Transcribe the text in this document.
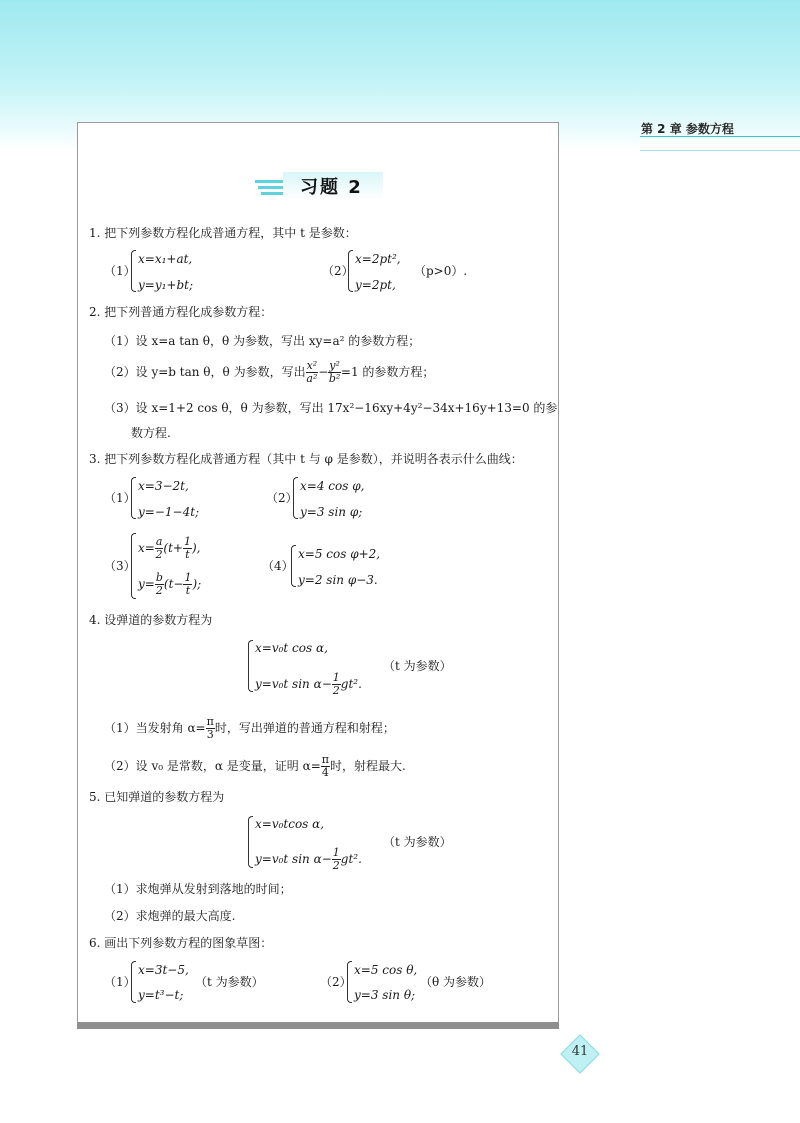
第 2 章 参数方程
习题 2
1. 把下列参数方程化成普通方程，其中 t 是参数：
（1）
x=x₁+at,
y=y₁+bt;
（2）
x=2pt²,
y=2pt,
（p>0）.
2. 把下列普通方程化成参数方程：
（1）设 x=a tan θ，θ 为参数，写出 xy=a² 的参数方程；
（2）设 y=b tan θ，θ 为参数，写出 $\frac{\text{x²}}{\text{a²}} - \frac{\text{y²}}{\text{b²}} =1$ 的参数方程；
（3）设 x=1+2 cos θ，θ 为参数，写出 17x²−16xy+4y²−34x+16y+13=0 的参
数方程.
3. 把下列参数方程化成普通方程（其中 t 与 φ 是参数），并说明各表示什么曲线：
（1）
x=3−2t,
y=−1−4t;
（2）
x=4 cos φ,
y=3 sin φ;
（3）
$x= \frac{a}{2} (t+ \frac{1}{t}$ ),
$y= \frac{b}{2} (t- \frac{1}{t}$ );
（4）
x=5 cos φ+2,
y=2 sin φ−3.
4. 设弹道的参数方程为
x=v₀t cos α,
y=v₀t $\sin \alpha- \frac{1}{2} gt^2$.
（t 为参数）
（1）当发射角 $\alpha= \frac{\pi}{3}$ 时，写出弹道的普通方程和射程；
（2）设 v₀ 是常数，α 是变量，证明 $\alpha= \frac{\pi}{4}$ 时，射程最大.
5. 已知弹道的参数方程为
x=v₀tcos α,
y=v₀t $\sin \alpha- \frac{1}{2} gt^2$.
（t 为参数）
（1）求炮弹从发射到落地的时间；
（2）求炮弹的最大高度.
6. 画出下列参数方程的图象草图：
（1）
x=3t−5,
y=t³−t;
（t 为参数）	（2）
x=5 cos θ,
y=3 sin θ;
（θ 为参数）
41
